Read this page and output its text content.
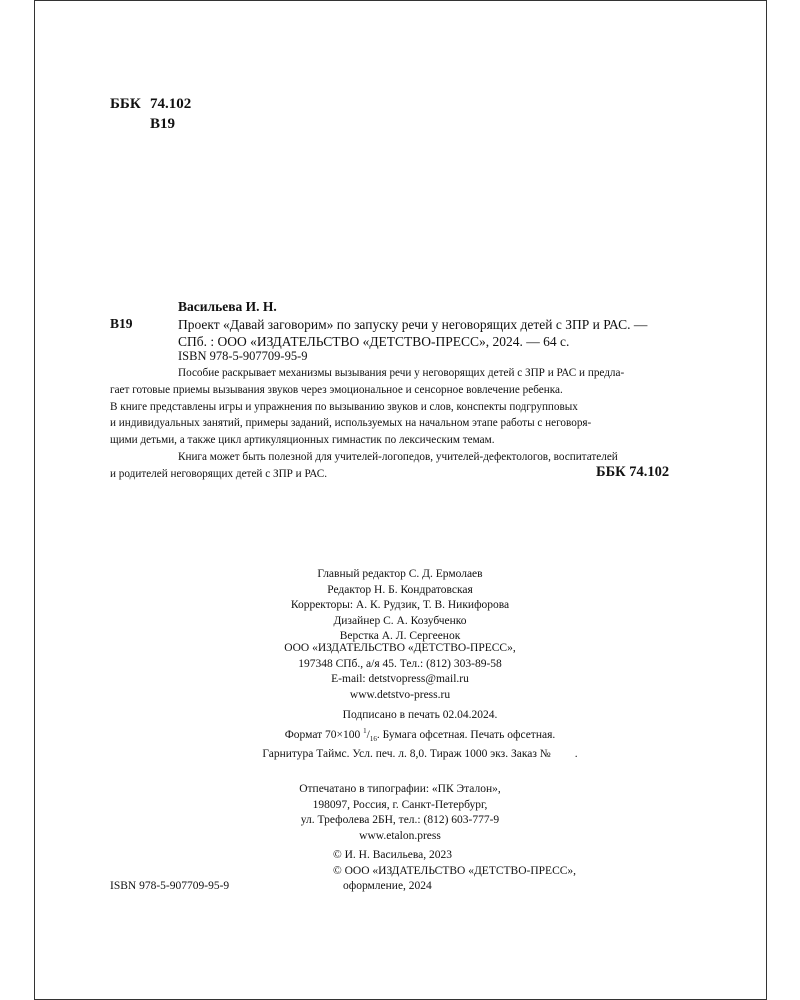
ББК 74.102
В19
Васильева И. Н.
В19	Проект «Давай заговорим» по запуску речи у неговорящих детей с ЗПР и РАС. —
СПб. : ООО «ИЗДАТЕЛЬСТВО «ДЕТСТВО-ПРЕСС», 2024. — 64 с.
ISBN 978-5-907709-95-9

Пособие раскрывает механизмы вызывания речи у неговорящих детей с ЗПР и РАС и предла-

гает готовые приемы вызывания звуков через эмоциональное и сенсорное вовлечение ребенка.

В книге представлены игры и упражнения по вызыванию звуков и слов, конспекты подгрупповых

и индивидуальных занятий, примеры заданий, используемых на начальном этапе работы с неговоря-

щими детьми, а также цикл артикуляционных гимнастик по лексическим темам.

Книга может быть полезной для учителей-логопедов, учителей-дефектологов, воспитателей

и родителей неговорящих детей с ЗПР и РАС.	ББК 74.102
Главный редактор С. Д. Ермолаев
Редактор Н. Б. Кондратовская
Корректоры: А. К. Рудзик, Т. В. Никифорова
Дизайнер С. А. Козубченко
Верстка А. Л. Сергеенок
ООО «ИЗДАТЕЛЬСТВО «ДЕТСТВО-ПРЕСС»,
197348 СПб., а/я 45. Тел.: (812) 303-89-58
E-mail: detstvopress@mail.ru
www.detstvo-press.ru
Подписано в печать 02.04.2024.
Формат 70×100 $^1/_{16}$. Бумага офсетная. Печать офсетная.
Гарнитура Таймс. Усл. печ. л. 8,0. Тираж 1000 экз. Заказ № .
Отпечатано в типографии: «ПК Эталон»,
198097, Россия, г. Санкт-Петербург,
ул. Трефолева 2БН, тел.: (812) 603-777-9
www.etalon.press
© И. Н. Васильева, 2023
© ООО «ИЗДАТЕЛЬСТВО «ДЕТСТВО-ПРЕСС»,
оформление, 2024
ISBN 978-5-907709-95-9
